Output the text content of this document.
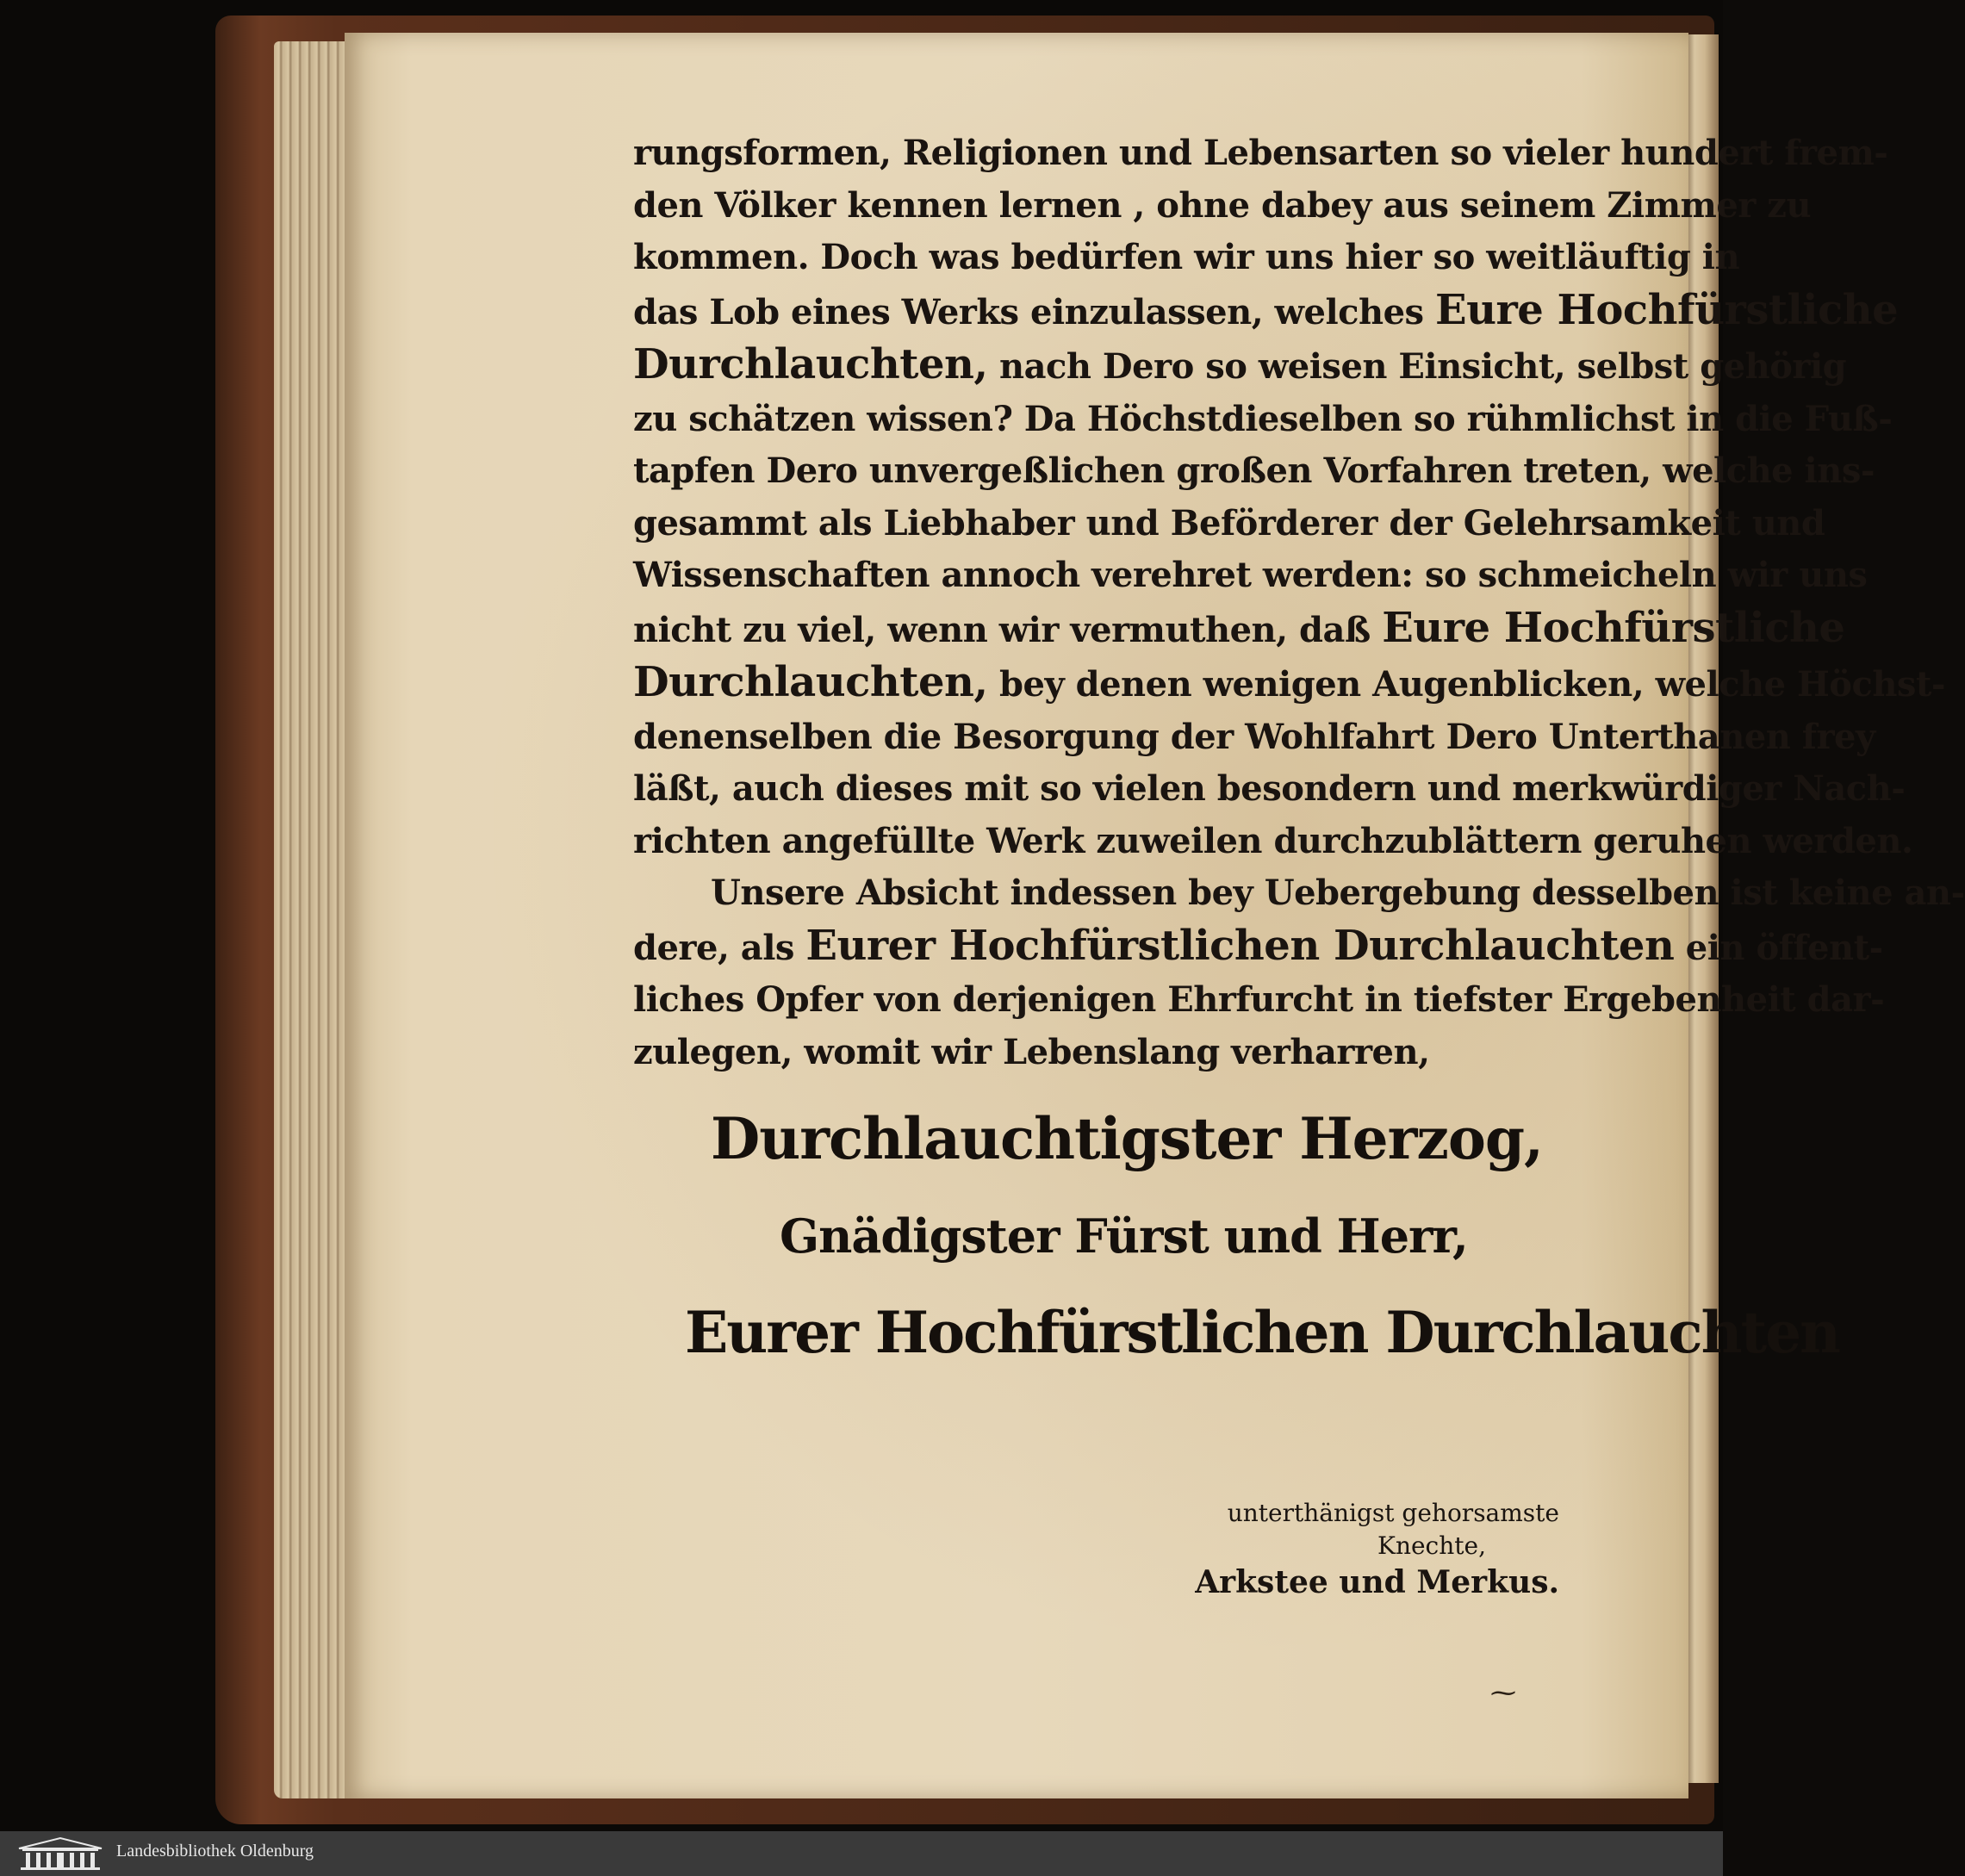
rungsformen, Religionen und Lebensarten so vieler hundert frem-
den Völker kennen lernen , ohne dabey aus seinem Zimmer zu
kommen. Doch was bedürfen wir uns hier so weitläuftig in
das Lob eines Werks einzulassen, welches Eure Hochfürstliche
Durchlauchten, nach Dero so weisen Einsicht, selbst gehörig
zu schätzen wissen? Da Höchstdieselben so rühmlichst in die Fuß-
tapfen Dero unvergeßlichen großen Vorfahren treten, welche ins-
gesammt als Liebhaber und Beförderer der Gelehrsamkeit und
Wissenschaften annoch verehret werden: so schmeicheln wir uns
nicht zu viel, wenn wir vermuthen, daß Eure Hochfürstliche
Durchlauchten, bey denen wenigen Augenblicken, welche Höchst-
denenselben die Besorgung der Wohlfahrt Dero Unterthanen frey
läßt, auch dieses mit so vielen besondern und merkwürdiger Nach-
richten angefüllte Werk zuweilen durchzublättern geruhen werden.
Unsere Absicht indessen bey Uebergebung desselben ist keine an-
dere, als Eurer Hochfürstlichen Durchlauchten ein öffent-
liches Opfer von derjenigen Ehrfurcht in tiefster Ergebenheit dar-
zulegen, womit wir Lebenslang verharren,
Durchlauchtigster Herzog,
Gnädigster Fürst und Herr,
Eurer Hochfürstlichen Durchlauchten
unterthänigst gehorsamste
Knechte,
Arkstee und Merkus.
⁓
Landesbibliothek Oldenburg
